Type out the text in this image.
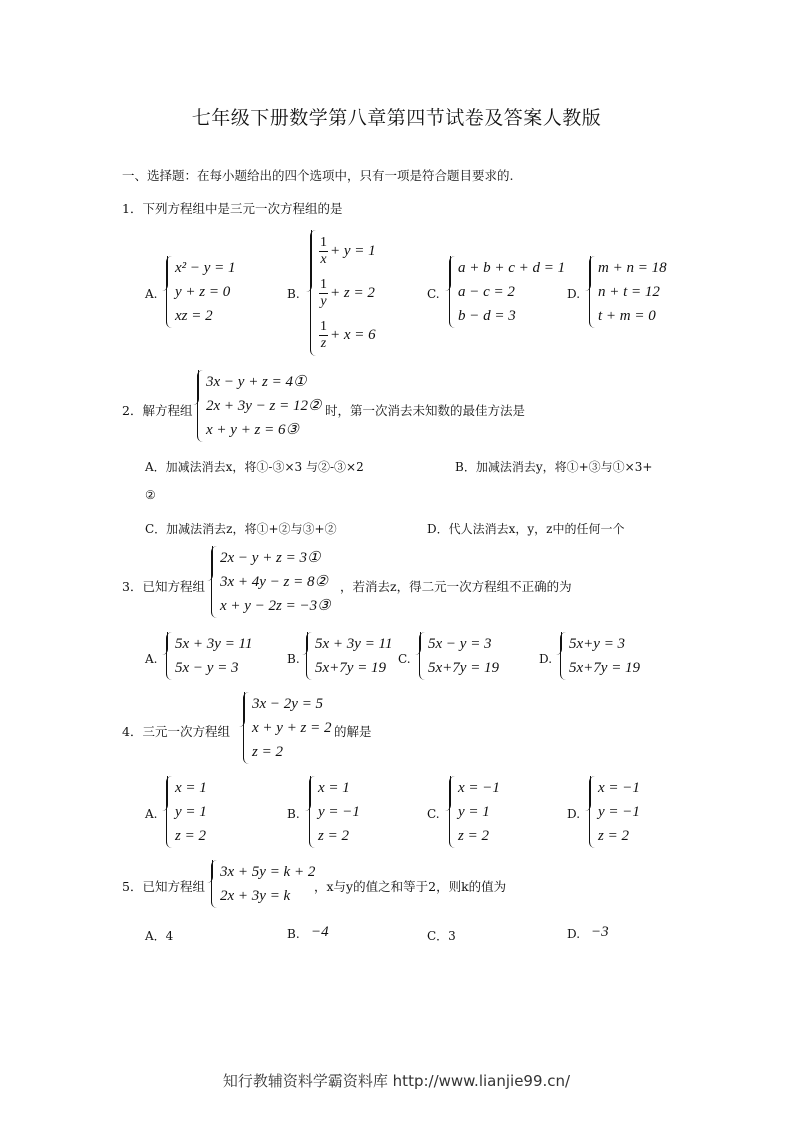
七年级下册数学第八章第四节试卷及答案人教版
一、选择题：在每小题给出的四个选项中，只有一项是符合题目要求的.
1．下列方程组中是三元一次方程组的是
A.
x² − y = 1
y + z = 0
xz = 2
B.
$\frac{1}{x} + y = 1$
$\frac{1}{y} + z = 2$
$\frac{1}{z} + x = 6$
C.
a + b + c + d = 1
a − c = 2
b − d = 3
D.
m + n = 18
n + t = 12
t + m = 0
2．解方程组
3x − y + z = 4①
2x + 3y − z = 12②
x + y + z = 6③
时，第一次消去未知数的最佳方法是
A．加减法消去x，将①-③×3 与②-③×2	B．加减法消去y，将①+③与①×3+
②
C．加减法消去z，将①+②与③+②	D．代人法消去x，y，z中的任何一个
3．已知方程组
2x − y + z = 3①
3x + 4y − z = 8②
x + y − 2z = −3③
，若消去z，得二元一次方程组不正确的为
A.
5x + 3y = 11
5x − y = 3
B.
5x + 3y = 11
5x+7y = 19
C.
5x − y = 3
5x+7y = 19
D.
5x+y = 3
5x+7y = 19
4．三元一次方程组
3x − 2y = 5
x + y + z = 2
z = 2
的解是
A.
x = 1
y = 1
z = 2
B.
x = 1
y = −1
z = 2
C.
x = −1
y = 1
z = 2
D.
x = −1
y = −1
z = 2
5．已知方程组
3x + 5y = k + 2
2x + 3y = k
，x与y的值之和等于2，则k的值为
A．4	B. −4	C．3	D. −3
知行教辅资料学霸资料库 http://www.lianjie99.cn/
